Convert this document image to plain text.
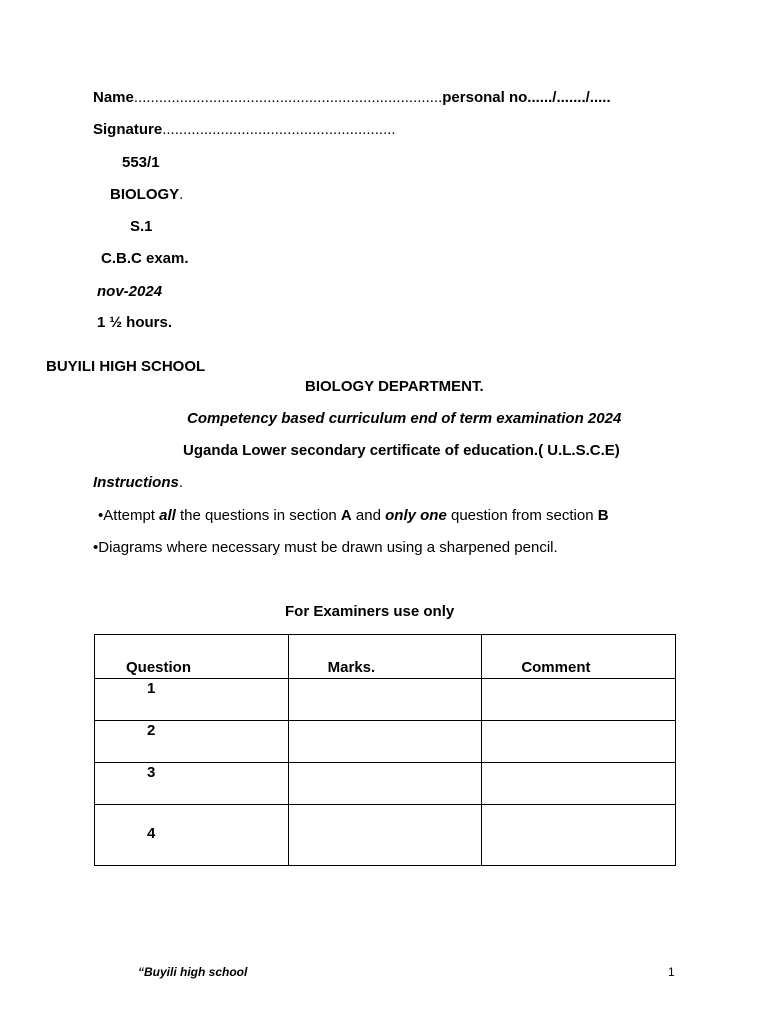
Name..........................................................................personal no....../......./.....
Signature........................................................
553/1
BIOLOGY.
S.1
C.B.C exam.
nov-2024
1 ½ hours.
BUYILI HIGH SCHOOL
BIOLOGY DEPARTMENT.
Competency based curriculum end of term examination 2024
Uganda Lower secondary certificate of education.( U.L.S.C.E)
Instructions.
•Attempt all the questions in section A and only one question from section B
•Diagrams where necessary must be drawn using a sharpened pencil.
For Examiners use only
Question	Marks.	Comment
1		
2		
3		
4		
“Buyili high school	1
